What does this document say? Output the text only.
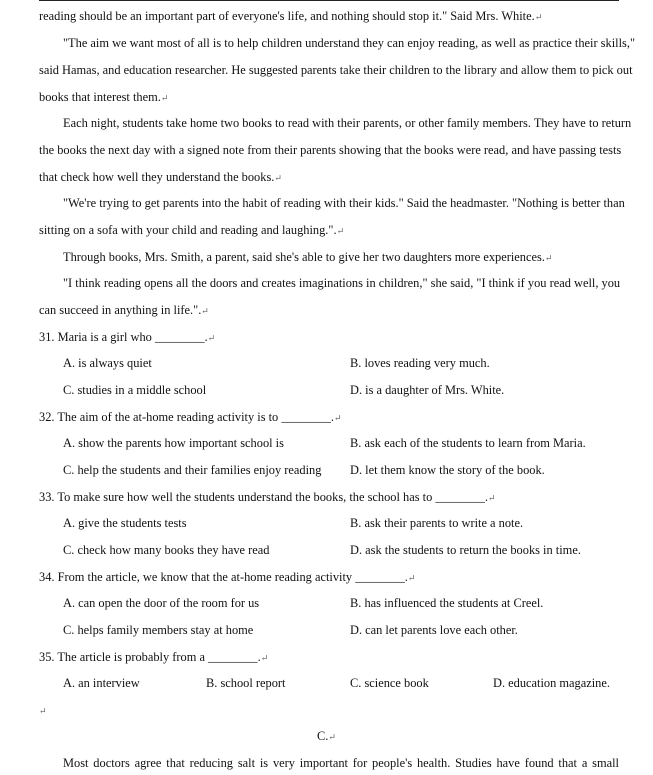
reading should be an important part of everyone's life, and nothing should stop it." Said Mrs. White.↵
"The aim we want most of all is to help children understand they can enjoy reading, as well as practice their skills,"
said Hamas, and education researcher. He suggested parents take their children to the library and allow them to pick out
books that interest them.↵
Each night, students take home two books to read with their parents, or other family members. They have to return
the books the next day with a signed note from their parents showing that the books were read, and have passing tests
that check how well they understand the books.↵
"We're trying to get parents into the habit of reading with their kids." Said the headmaster. "Nothing is better than
sitting on a sofa with your child and reading and laughing.".↵
Through books, Mrs. Smith, a parent, said she's able to give her two daughters more experiences.↵
"I think reading opens all the doors and creates imaginations in children," she said, "I think if you read well, you
can succeed in anything in life.".↵
31. Maria is a girl who ________.↵
A. is always quiet	B. loves reading very much.
C. studies in a middle school	D. is a daughter of Mrs. White.
32. The aim of the at-home reading activity is to ________.↵
A. show the parents how important school is	B. ask each of the students to learn from Maria.
C. help the students and their families enjoy reading D. let them know the story of the book.
33. To make sure how well the students understand the books, the school has to ________.↵
A. give the students tests	B. ask their parents to write a note.
C. check how many books they have read	D. ask the students to return the books in time.
34. From the article, we know that the at-home reading activity ________.↵
A. can open the door of the room for us	B. has influenced the students at Creel.
C. helps family members stay at home	D. can let parents love each other.
35. The article is probably from a ________.↵
A. an interview	B. school report	C. science book	D. education magazine.
↵
C.↵
Most doctors agree that reducing salt is very important for people's health. Studies have found that a small
